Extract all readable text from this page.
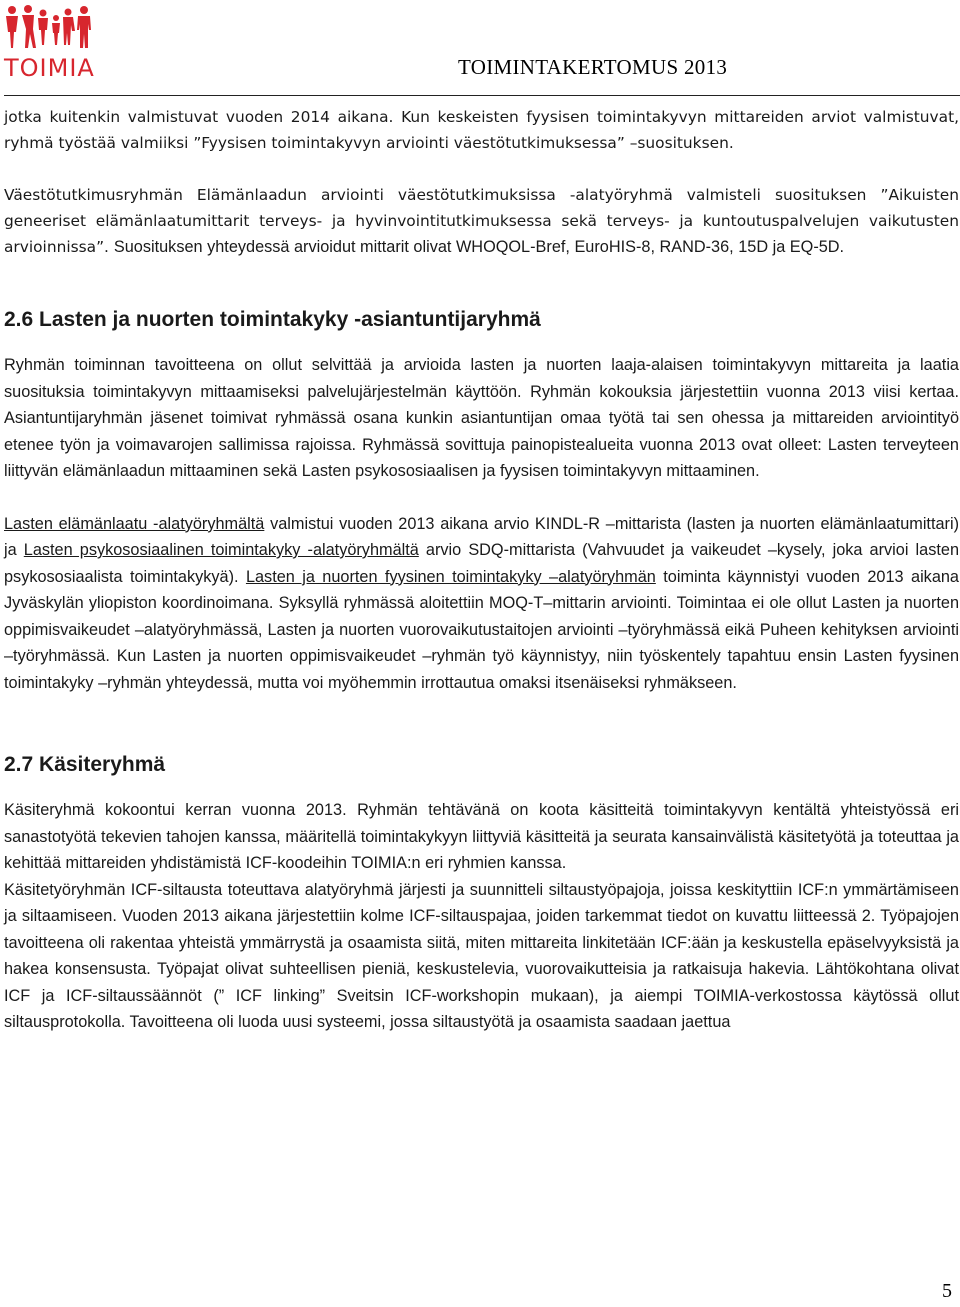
TOIMIA	TOIMINTAKERTOMUS 2013

jotka kuitenkin valmistuvat vuoden 2014 aikana. Kun keskeisten fyysisen toimintakyvyn mittareiden arviot valmistuvat, ryhmä työstää valmiiksi ”Fyysisen toimintakyvyn arviointi väestötutkimuksessa” –suosituksen.

Väestötutkimusryhmän Elämänlaadun arviointi väestötutkimuksissa -alatyöryhmä valmisteli suosituksen ”Aikuisten geneeriset elämänlaatumittarit terveys- ja hyvinvointitutkimuksessa sekä terveys- ja kuntoutuspalvelujen vaikutusten arvioinnissa”. Suosituksen yhteydessä arvioidut mittarit olivat WHOQOL-Bref, EuroHIS-8, RAND-36, 15D ja EQ-5D.

2.6 Lasten ja nuorten toimintakyky -asiantuntijaryhmä

Ryhmän toiminnan tavoitteena on ollut selvittää ja arvioida lasten ja nuorten laaja-alaisen toimintakyvyn mittareita ja laatia suosituksia toimintakyvyn mittaamiseksi palvelujärjestelmän käyttöön. Ryhmän kokouksia järjestettiin vuonna 2013 viisi kertaa. Asiantuntijaryhmän jäsenet toimivat ryhmässä osana kunkin asiantuntijan omaa työtä tai sen ohessa ja mittareiden arviointityö etenee työn ja voimavarojen sallimissa rajoissa. Ryhmässä sovittuja painopistealueita vuonna 2013 ovat olleet: Lasten terveyteen liittyvän elämänlaadun mittaaminen sekä Lasten psykososiaalisen ja fyysisen toimintakyvyn mittaaminen.

Lasten elämänlaatu -alatyöryhmältä valmistui vuoden 2013 aikana arvio KINDL-R –mittarista (lasten ja nuorten elämänlaatumittari) ja Lasten psykososiaalinen toimintakyky -alatyöryhmältä arvio SDQ-mittarista (Vahvuudet ja vaikeudet –kysely, joka arvioi lasten psykososiaalista toimintakykyä). Lasten ja nuorten fyysinen toimintakyky –alatyöryhmän toiminta käynnistyi vuoden 2013 aikana Jyväskylän yliopiston koordinoimana. Syksyllä ryhmässä aloitettiin MOQ-T–mittarin arviointi. Toimintaa ei ole ollut Lasten ja nuorten oppimisvaikeudet –alatyöryhmässä, Lasten ja nuorten vuorovaikutustaitojen arviointi –työryhmässä eikä Puheen kehityksen arviointi –työryhmässä. Kun Lasten ja nuorten oppimisvaikeudet –ryhmän työ käynnistyy, niin työskentely tapahtuu ensin Lasten fyysinen toimintakyky –ryhmän yhteydessä, mutta voi myöhemmin irrottautua omaksi itsenäiseksi ryhmäkseen.

2.7 Käsiteryhmä

Käsiteryhmä kokoontui kerran vuonna 2013. Ryhmän tehtävänä on koota käsitteitä toimintakyvyn kentältä yhteistyössä eri sanastotyötä tekevien tahojen kanssa, määritellä toimintakykyyn liittyviä käsitteitä ja seurata kansainvälistä käsitetyötä ja toteuttaa ja kehittää mittareiden yhdistämistä ICF-koodeihin TOIMIA:n eri ryhmien kanssa.

Käsitetyöryhmän ICF-siltausta toteuttava alatyöryhmä järjesti ja suunnitteli siltaustyöpajoja, joissa keskityttiin ICF:n ymmärtämiseen ja siltaamiseen. Vuoden 2013 aikana järjestettiin kolme ICF-siltauspajaa, joiden tarkemmat tiedot on kuvattu liitteessä 2. Työpajojen tavoitteena oli rakentaa yhteistä ymmärrystä ja osaamista siitä, miten mittareita linkitetään ICF:ään ja keskustella epäselvyyksistä ja hakea konsensusta. Työpajat olivat suhteellisen pieniä, keskustelevia, vuorovaikutteisia ja ratkaisuja hakevia. Lähtökohtana olivat ICF ja ICF-siltaussäännöt (” ICF linking” Sveitsin ICF-workshopin mukaan), ja aiempi TOIMIA-verkostossa käytössä ollut siltausprotokolla. Tavoitteena oli luoda uusi systeemi, jossa siltaustyötä ja osaamista saadaan jaettua

5
